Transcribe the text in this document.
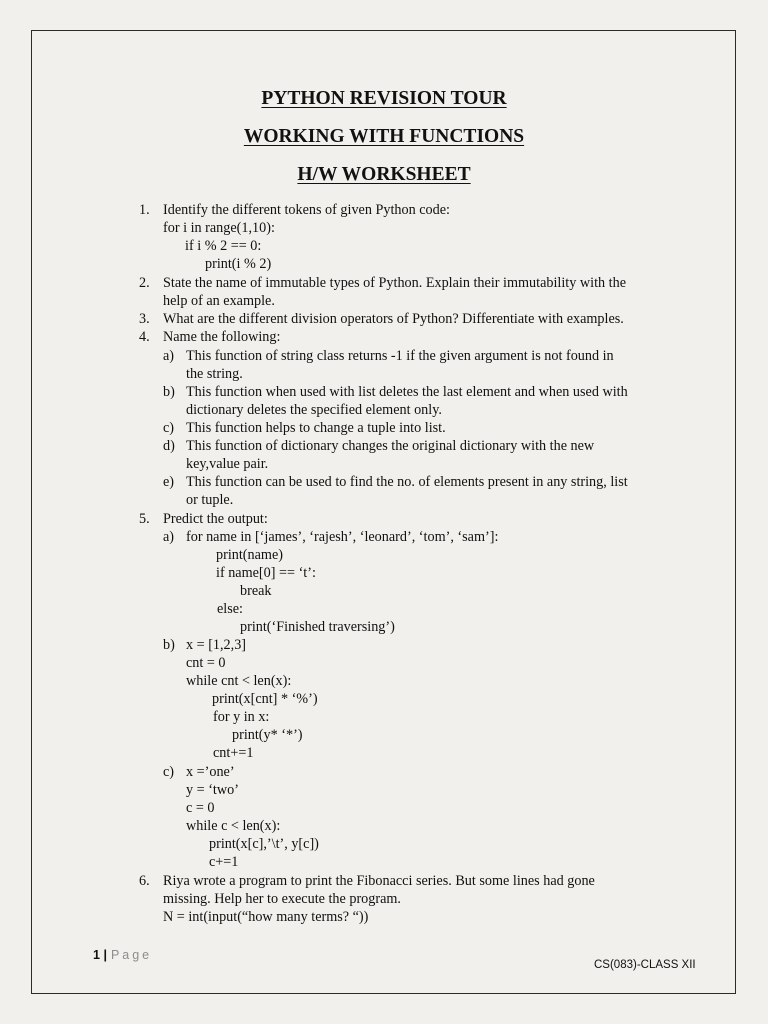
PYTHON REVISION TOUR
WORKING WITH FUNCTIONS
H/W WORKSHEET
1. Identify the different tokens of given Python code:
for i in range(1,10):
if i % 2 == 0:
print(i % 2)
2. State the name of immutable types of Python. Explain their immutability with the
help of an example.
3. What are the different division operators of Python? Differentiate with examples.
4. Name the following:
a) This function of string class returns -1 if the given argument is not found in
the string.
b) This function when used with list deletes the last element and when used with
dictionary deletes the specified element only.
c) This function helps to change a tuple into list.
d) This function of dictionary changes the original dictionary with the new
key,value pair.
e) This function can be used to find the no. of elements present in any string, list
or tuple.
5. Predict the output:
a) for name in [‘james’, ‘rajesh’, ‘leonard’, ‘tom’, ‘sam’]:
print(name)
if name[0] == ‘t’:
break
else:
print(‘Finished traversing’)
b) x = [1,2,3]
cnt = 0
while cnt < len(x):
print(x[cnt] * ‘%’)
for y in x:
print(y* ‘*’)
cnt+=1
c) x =’one’
y = ‘two’
c = 0
while c < len(x):
print(x[c],’\t’, y[c])
c+=1
6. Riya wrote a program to print the Fibonacci series. But some lines had gone
missing. Help her to execute the program.
N = int(input(“how many terms? “))
1 | Page
CS(083)-CLASS XII
